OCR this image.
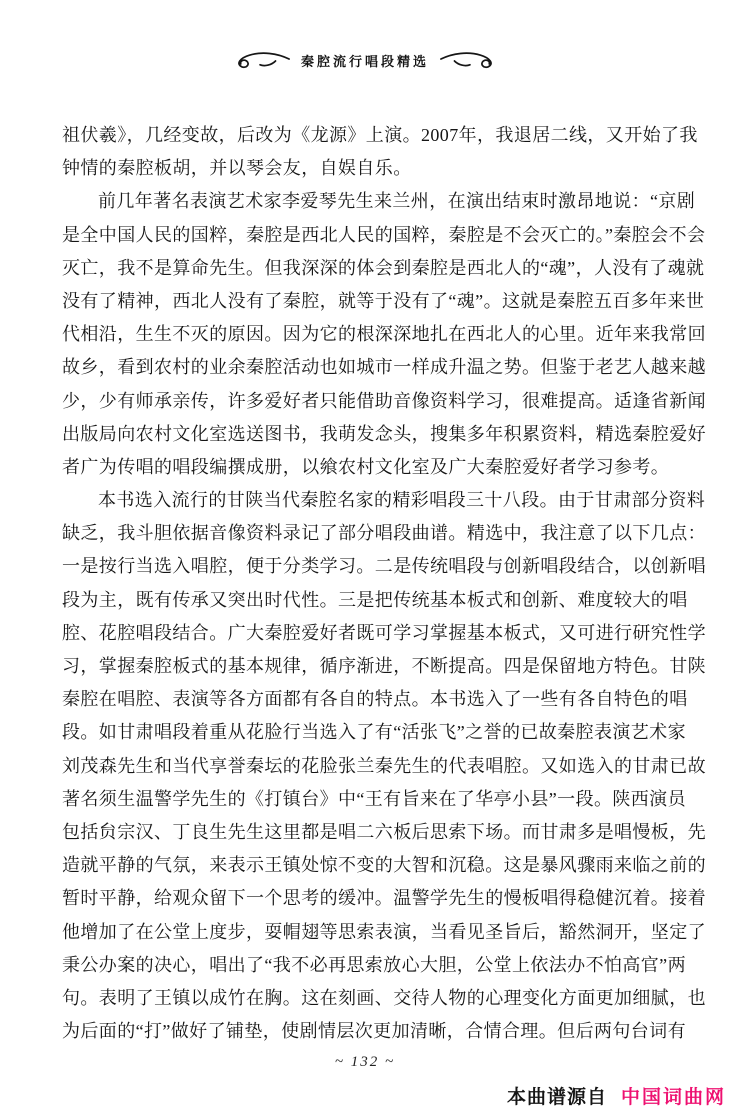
秦腔流行唱段精选
祖伏羲》，几经变故，后改为《龙源》上演。2007年，我退居二线，又开始了我
钟情的秦腔板胡，并以琴会友，自娱自乐。
前几年著名表演艺术家李爱琴先生来兰州，在演出结束时激昂地说：“京剧
是全中国人民的国粹，秦腔是西北人民的国粹，秦腔是不会灭亡的。”秦腔会不会
灭亡，我不是算命先生。但我深深的体会到秦腔是西北人的“魂”，人没有了魂就
没有了精神，西北人没有了秦腔，就等于没有了“魂”。这就是秦腔五百多年来世
代相沿，生生不灭的原因。因为它的根深深地扎在西北人的心里。近年来我常回
故乡，看到农村的业余秦腔活动也如城市一样成升温之势。但鉴于老艺人越来越
少，少有师承亲传，许多爱好者只能借助音像资料学习，很难提高。适逢省新闻
出版局向农村文化室选送图书，我萌发念头，搜集多年积累资料，精选秦腔爱好
者广为传唱的唱段编撰成册，以飨农村文化室及广大秦腔爱好者学习参考。
本书选入流行的甘陕当代秦腔名家的精彩唱段三十八段。由于甘肃部分资料
缺乏，我斗胆依据音像资料录记了部分唱段曲谱。精选中，我注意了以下几点：
一是按行当选入唱腔，便于分类学习。二是传统唱段与创新唱段结合，以创新唱
段为主，既有传承又突出时代性。三是把传统基本板式和创新、难度较大的唱
腔、花腔唱段结合。广大秦腔爱好者既可学习掌握基本板式，又可进行研究性学
习，掌握秦腔板式的基本规律，循序渐进，不断提高。四是保留地方特色。甘陕
秦腔在唱腔、表演等各方面都有各自的特点。本书选入了一些有各自特色的唱
段。如甘肃唱段着重从花脸行当选入了有“活张飞”之誉的已故秦腔表演艺术家
刘茂森先生和当代享誉秦坛的花脸张兰秦先生的代表唱腔。又如选入的甘肃已故
著名须生温警学先生的《打镇台》中“王有旨来在了华亭小县”一段。陕西演员
包括贠宗汉、丁良生先生这里都是唱二六板后思索下场。而甘肃多是唱慢板，先
造就平静的气氛，来表示王镇处惊不变的大智和沉稳。这是暴风骤雨来临之前的
暂时平静，给观众留下一个思考的缓冲。温警学先生的慢板唱得稳健沉着。接着
他增加了在公堂上度步，耍帽翅等思索表演，当看见圣旨后，豁然洞开，坚定了
秉公办案的决心，唱出了“我不必再思索放心大胆，公堂上依法办不怕高官”两
句。表明了王镇以成竹在胸。这在刻画、交待人物的心理变化方面更加细腻，也
为后面的“打”做好了铺垫，使剧情层次更加清晰，合情合理。但后两句台词有
~ 132 ~
本曲谱源自 中国词曲网
